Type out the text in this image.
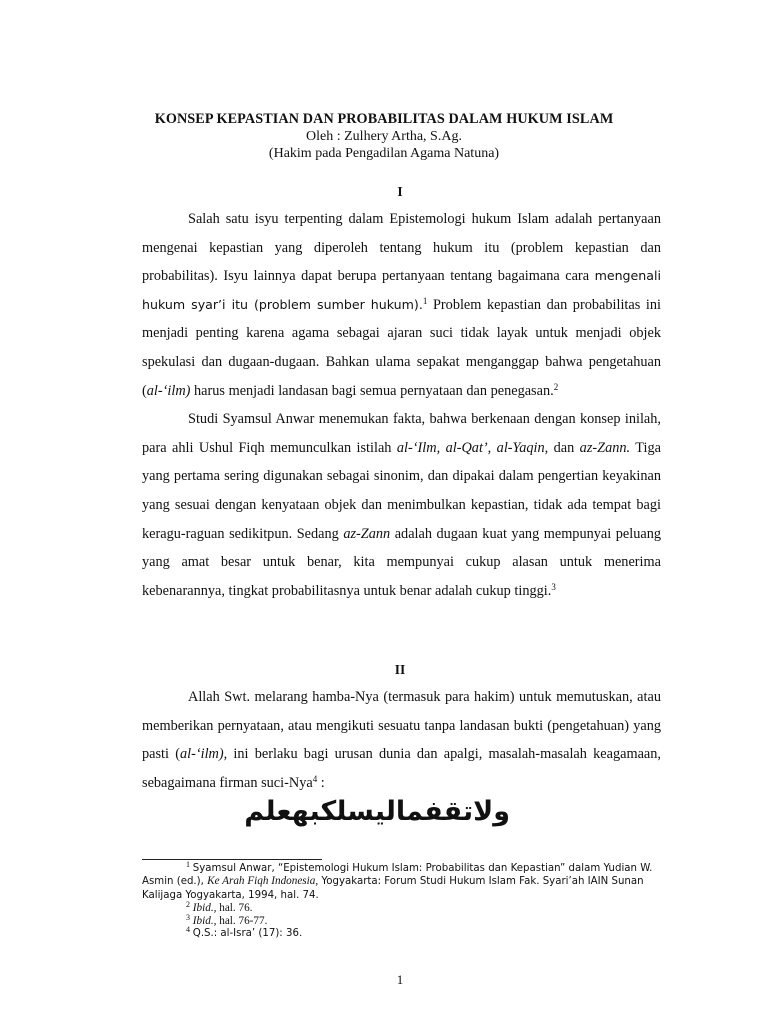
KONSEP KEPASTIAN DAN PROBABILITAS DALAM HUKUM ISLAM
Oleh : Zulhery Artha, S.Ag.
(Hakim pada Pengadilan Agama Natuna)
I

Salah satu isyu terpenting dalam Epistemologi hukum Islam adalah pertanyaan mengenai kepastian yang diperoleh tentang hukum itu (problem kepastian dan probabilitas). Isyu lainnya dapat berupa pertanyaan tentang bagaimana cara mengenali hukum syar’i itu (problem sumber hukum).$^1$ Problem kepastian dan probabilitas ini menjadi penting karena agama sebagai ajaran suci tidak layak untuk menjadi objek spekulasi dan dugaan-dugaan. Bahkan ulama sepakat menganggap bahwa pengetahuan (al-‘ilm) harus menjadi landasan bagi semua pernyataan dan penegasan.$^2$

Studi Syamsul Anwar menemukan fakta, bahwa berkenaan dengan konsep inilah, para ahli Ushul Fiqh memunculkan istilah al-‘Ilm, al-Qat’, al-Yaqin, dan az-Zann. Tiga yang pertama sering digunakan sebagai sinonim, dan dipakai dalam pengertian keyakinan yang sesuai dengan kenyataan objek dan menimbulkan kepastian, tidak ada tempat bagi keragu-raguan sedikitpun. Sedang az-Zann adalah dugaan kuat yang mempunyai peluang yang amat besar untuk benar, kita mempunyai cukup alasan untuk menerima kebenarannya, tingkat probabilitasnya untuk benar adalah cukup tinggi.$^3$

II

Allah Swt. melarang hamba-Nya (termasuk para hakim) untuk memutuskan, atau memberikan pernyataan, atau mengikuti sesuatu tanpa landasan bukti (pengetahuan) yang pasti (al-‘ilm), ini berlaku bagi urusan dunia dan apalgi, masalah-masalah keagamaan, sebagaimana firman suci-Nya$^4$ :

ولاتقفماليسلكبهعلم

$^1$ Syamsul Anwar, “Epistemologi Hukum Islam: Probabilitas dan Kepastian” dalam Yudian W. Asmin (ed.), Ke Arah Fiqh Indonesia, Yogyakarta: Forum Studi Hukum Islam Fak. Syari’ah IAIN Sunan Kalijaga Yogyakarta, 1994, hal. 74.

$^2$ Ibid., hal. 76.

$^3$ Ibid., hal. 76-77.

$^4$ Q.S.: al-Isra’ (17): 36.

1
